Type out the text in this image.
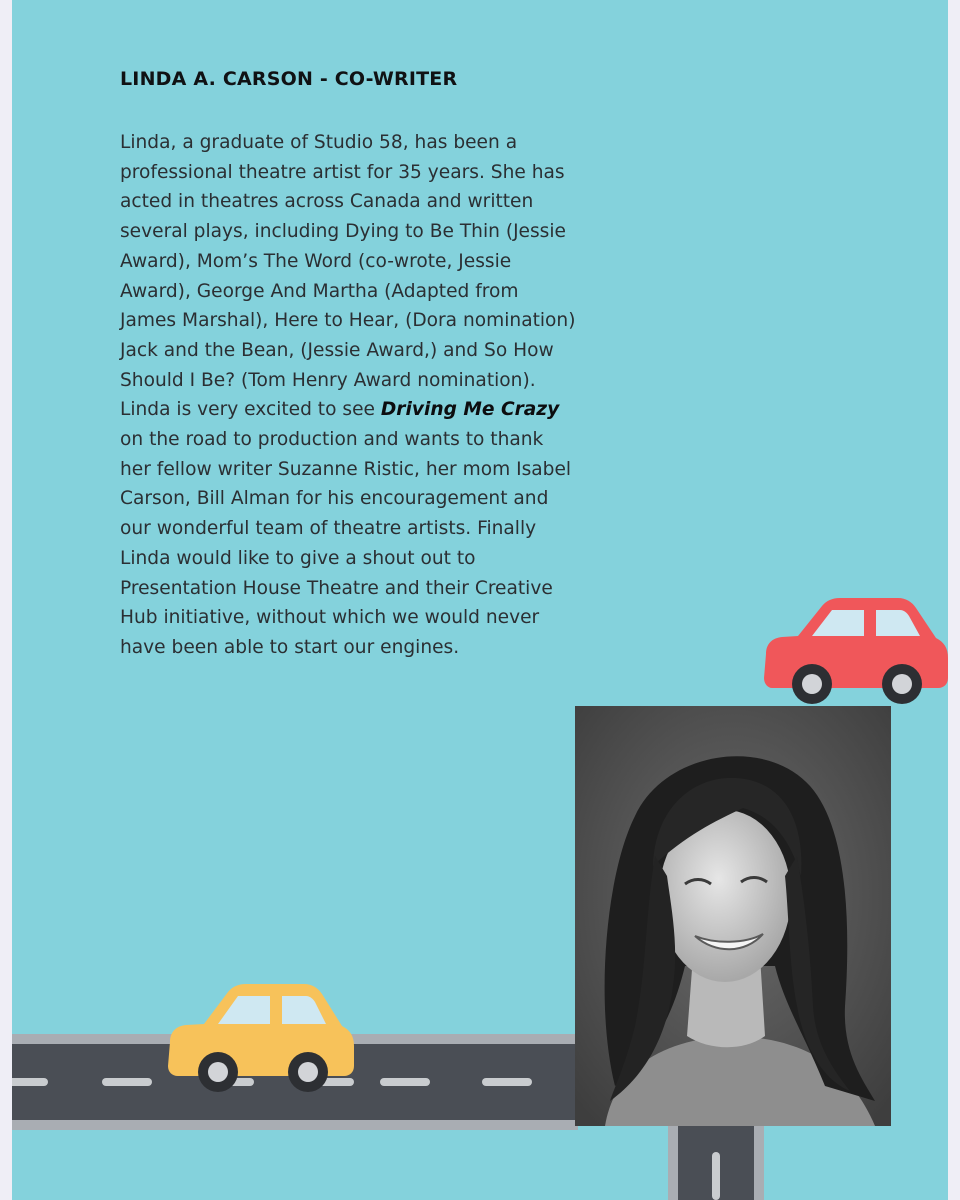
LINDA A. CARSON - CO-WRITER

Linda, a graduate of Studio 58, has been a professional theatre artist for 35 years. She has acted in theatres across Canada and written several plays, including Dying to Be Thin (Jessie Award), Mom’s The Word (co-wrote, Jessie Award), George And Martha (Adapted from James Marshal), Here to Hear, (Dora nomination) Jack and the Bean, (Jessie Award,) and So How Should I Be? (Tom Henry Award nomination). Linda is very excited to see Driving Me Crazy on the road to production and wants to thank her fellow writer Suzanne Ristic, her mom Isabel Carson, Bill Alman for his encouragement and our wonderful team of theatre artists. Finally Linda would like to give a shout out to Presentation House Theatre and their Creative Hub initiative, without which we would never have been able to start our engines.
